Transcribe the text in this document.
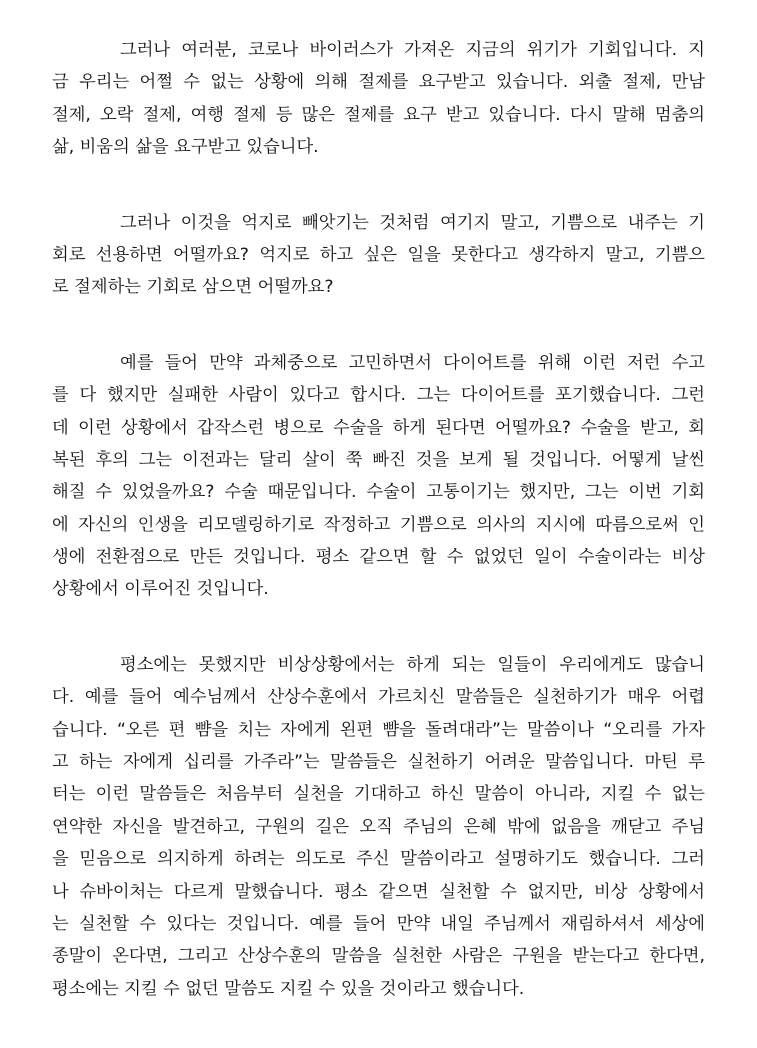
그러나 여러분, 코로나 바이러스가 가져온 지금의 위기가 기회입니다. 지
금 우리는 어쩔 수 없는 상황에 의해 절제를 요구받고 있습니다. 외출 절제, 만남
절제, 오락 절제, 여행 절제 등 많은 절제를 요구 받고 있습니다. 다시 말해 멈춤의
삶, 비움의 삶을 요구받고 있습니다.
그러나 이것을 억지로 빼앗기는 것처럼 여기지 말고, 기쁨으로 내주는 기
회로 선용하면 어떨까요? 억지로 하고 싶은 일을 못한다고 생각하지 말고, 기쁨으
로 절제하는 기회로 삼으면 어떨까요?
예를 들어 만약 과체중으로 고민하면서 다이어트를 위해 이런 저런 수고
를 다 했지만 실패한 사람이 있다고 합시다. 그는 다이어트를 포기했습니다. 그런
데 이런 상황에서 갑작스런 병으로 수술을 하게 된다면 어떨까요? 수술을 받고, 회
복된 후의 그는 이전과는 달리 살이 쭉 빠진 것을 보게 될 것입니다. 어떻게 날씬
해질 수 있었을까요? 수술 때문입니다. 수술이 고통이기는 했지만, 그는 이번 기회
에 자신의 인생을 리모델링하기로 작정하고 기쁨으로 의사의 지시에 따름으로써 인
생에 전환점으로 만든 것입니다. 평소 같으면 할 수 없었던 일이 수술이라는 비상
상황에서 이루어진 것입니다.
평소에는 못했지만 비상상황에서는 하게 되는 일들이 우리에게도 많습니
다. 예를 들어 예수님께서 산상수훈에서 가르치신 말씀들은 실천하기가 매우 어렵
습니다. “오른 편 뺨을 치는 자에게 왼편 뺨을 돌려대라”는 말씀이나 “오리를 가자
고 하는 자에게 십리를 가주라”는 말씀들은 실천하기 어려운 말씀입니다. 마틴 루
터는 이런 말씀들은 처음부터 실천을 기대하고 하신 말씀이 아니라, 지킬 수 없는
연약한 자신을 발견하고, 구원의 길은 오직 주님의 은혜 밖에 없음을 깨닫고 주님
을 믿음으로 의지하게 하려는 의도로 주신 말씀이라고 설명하기도 했습니다. 그러
나 슈바이처는 다르게 말했습니다. 평소 같으면 실천할 수 없지만, 비상 상황에서
는 실천할 수 있다는 것입니다. 예를 들어 만약 내일 주님께서 재림하셔서 세상에
종말이 온다면, 그리고 산상수훈의 말씀을 실천한 사람은 구원을 받는다고 한다면,
평소에는 지킬 수 없던 말씀도 지킬 수 있을 것이라고 했습니다.
